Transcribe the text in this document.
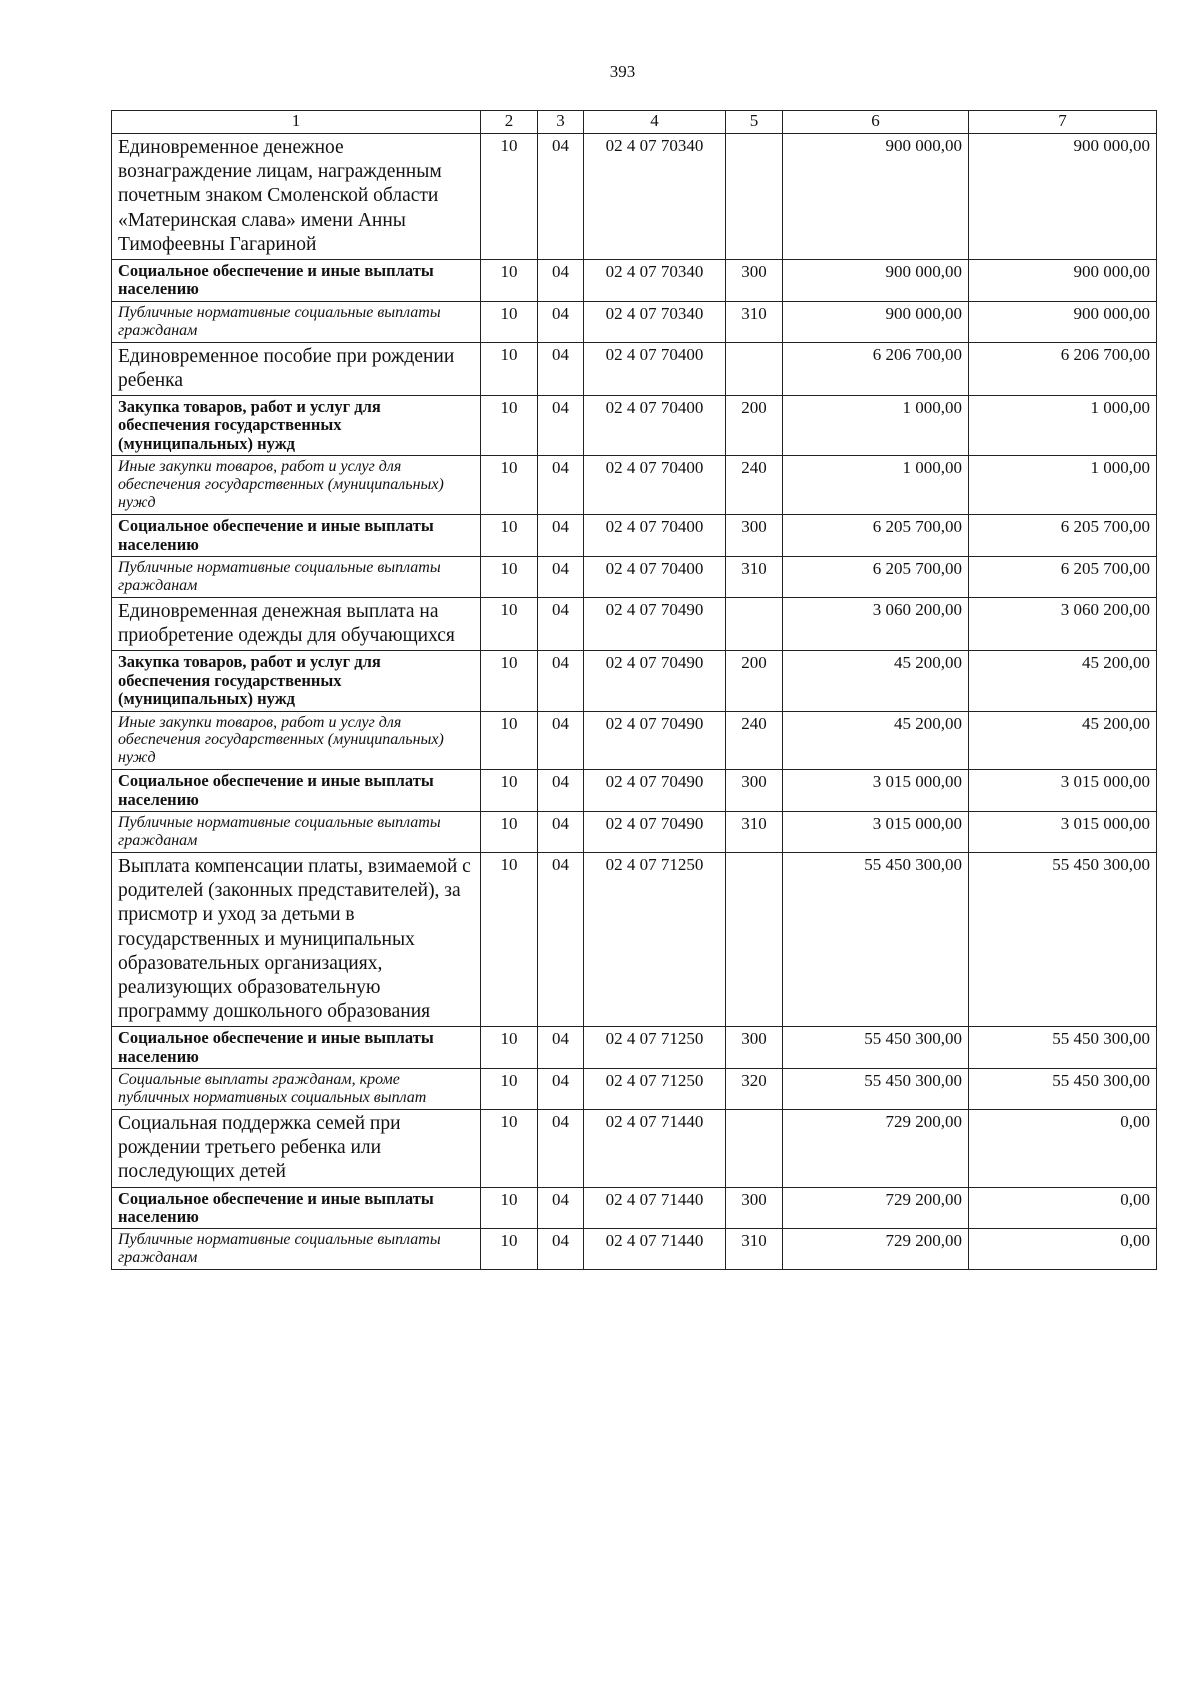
393
1	2	3	4	5	6	7
Единовременное денежное вознаграждение лицам, награжденным почетным знаком Смоленской области «Материнская слава» имени Анны Тимофеевны Гагариной	10	04	02 4 07 70340		900 000,00	900 000,00
Социальное обеспечение и иные выплаты населению	10	04	02 4 07 70340	300	900 000,00	900 000,00
Публичные нормативные социальные выплаты гражданам	10	04	02 4 07 70340	310	900 000,00	900 000,00
Единовременное пособие при рождении ребенка	10	04	02 4 07 70400		6 206 700,00	6 206 700,00
Закупка товаров, работ и услуг для обеспечения государственных (муниципальных) нужд	10	04	02 4 07 70400	200	1 000,00	1 000,00
Иные закупки товаров, работ и услуг для обеспечения государственных (муниципальных) нужд	10	04	02 4 07 70400	240	1 000,00	1 000,00
Социальное обеспечение и иные выплаты населению	10	04	02 4 07 70400	300	6 205 700,00	6 205 700,00
Публичные нормативные социальные выплаты гражданам	10	04	02 4 07 70400	310	6 205 700,00	6 205 700,00
Единовременная денежная выплата на приобретение одежды для обучающихся	10	04	02 4 07 70490		3 060 200,00	3 060 200,00
Закупка товаров, работ и услуг для обеспечения государственных (муниципальных) нужд	10	04	02 4 07 70490	200	45 200,00	45 200,00
Иные закупки товаров, работ и услуг для обеспечения государственных (муниципальных) нужд	10	04	02 4 07 70490	240	45 200,00	45 200,00
Социальное обеспечение и иные выплаты населению	10	04	02 4 07 70490	300	3 015 000,00	3 015 000,00
Публичные нормативные социальные выплаты гражданам	10	04	02 4 07 70490	310	3 015 000,00	3 015 000,00
Выплата компенсации платы, взимаемой с родителей (законных представителей), за присмотр и уход за детьми в государственных и муниципальных образовательных организациях, реализующих образовательную программу дошкольного образования	10	04	02 4 07 71250		55 450 300,00	55 450 300,00
Социальное обеспечение и иные выплаты населению	10	04	02 4 07 71250	300	55 450 300,00	55 450 300,00
Социальные выплаты гражданам, кроме публичных нормативных социальных выплат	10	04	02 4 07 71250	320	55 450 300,00	55 450 300,00
Социальная поддержка семей при рождении третьего ребенка или последующих детей	10	04	02 4 07 71440		729 200,00	0,00
Социальное обеспечение и иные выплаты населению	10	04	02 4 07 71440	300	729 200,00	0,00
Публичные нормативные социальные выплаты гражданам	10	04	02 4 07 71440	310	729 200,00	0,00
